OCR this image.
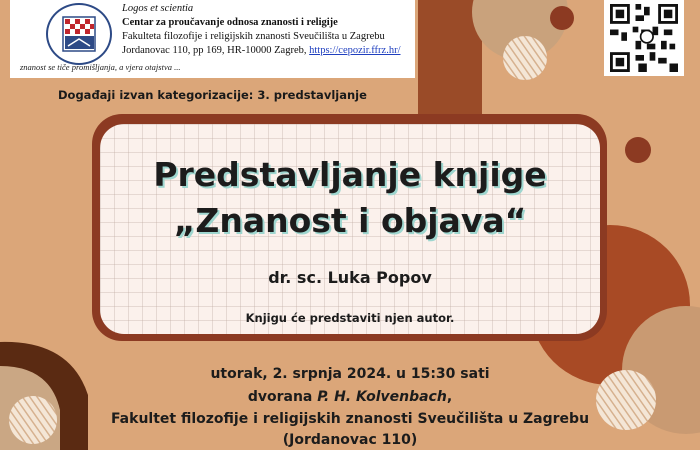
Logos et scientia
Centar za proučavanje odnosa znanosti i religije
Fakulteta filozofije i religijskih znanosti Sveučilišta u Zagrebu
Jordanovac 110, pp 169, HR-10000 Zagreb, https://cepozir.ffrz.hr/
znanost se tiče promišljanja, a vjera otajstva ...
Događaji izvan kategorizacije: 3. predstavljanje
Predstavljanje knjige
„Znanost i objava“
dr. sc. Luka Popov
Knjigu će predstaviti njen autor.
utorak, 2. srpnja 2024. u 15:30 sati
dvorana P. H. Kolvenbach,
Fakultet filozofije i religijskih znanosti Sveučilišta u Zagrebu
(Jordanovac 110)
